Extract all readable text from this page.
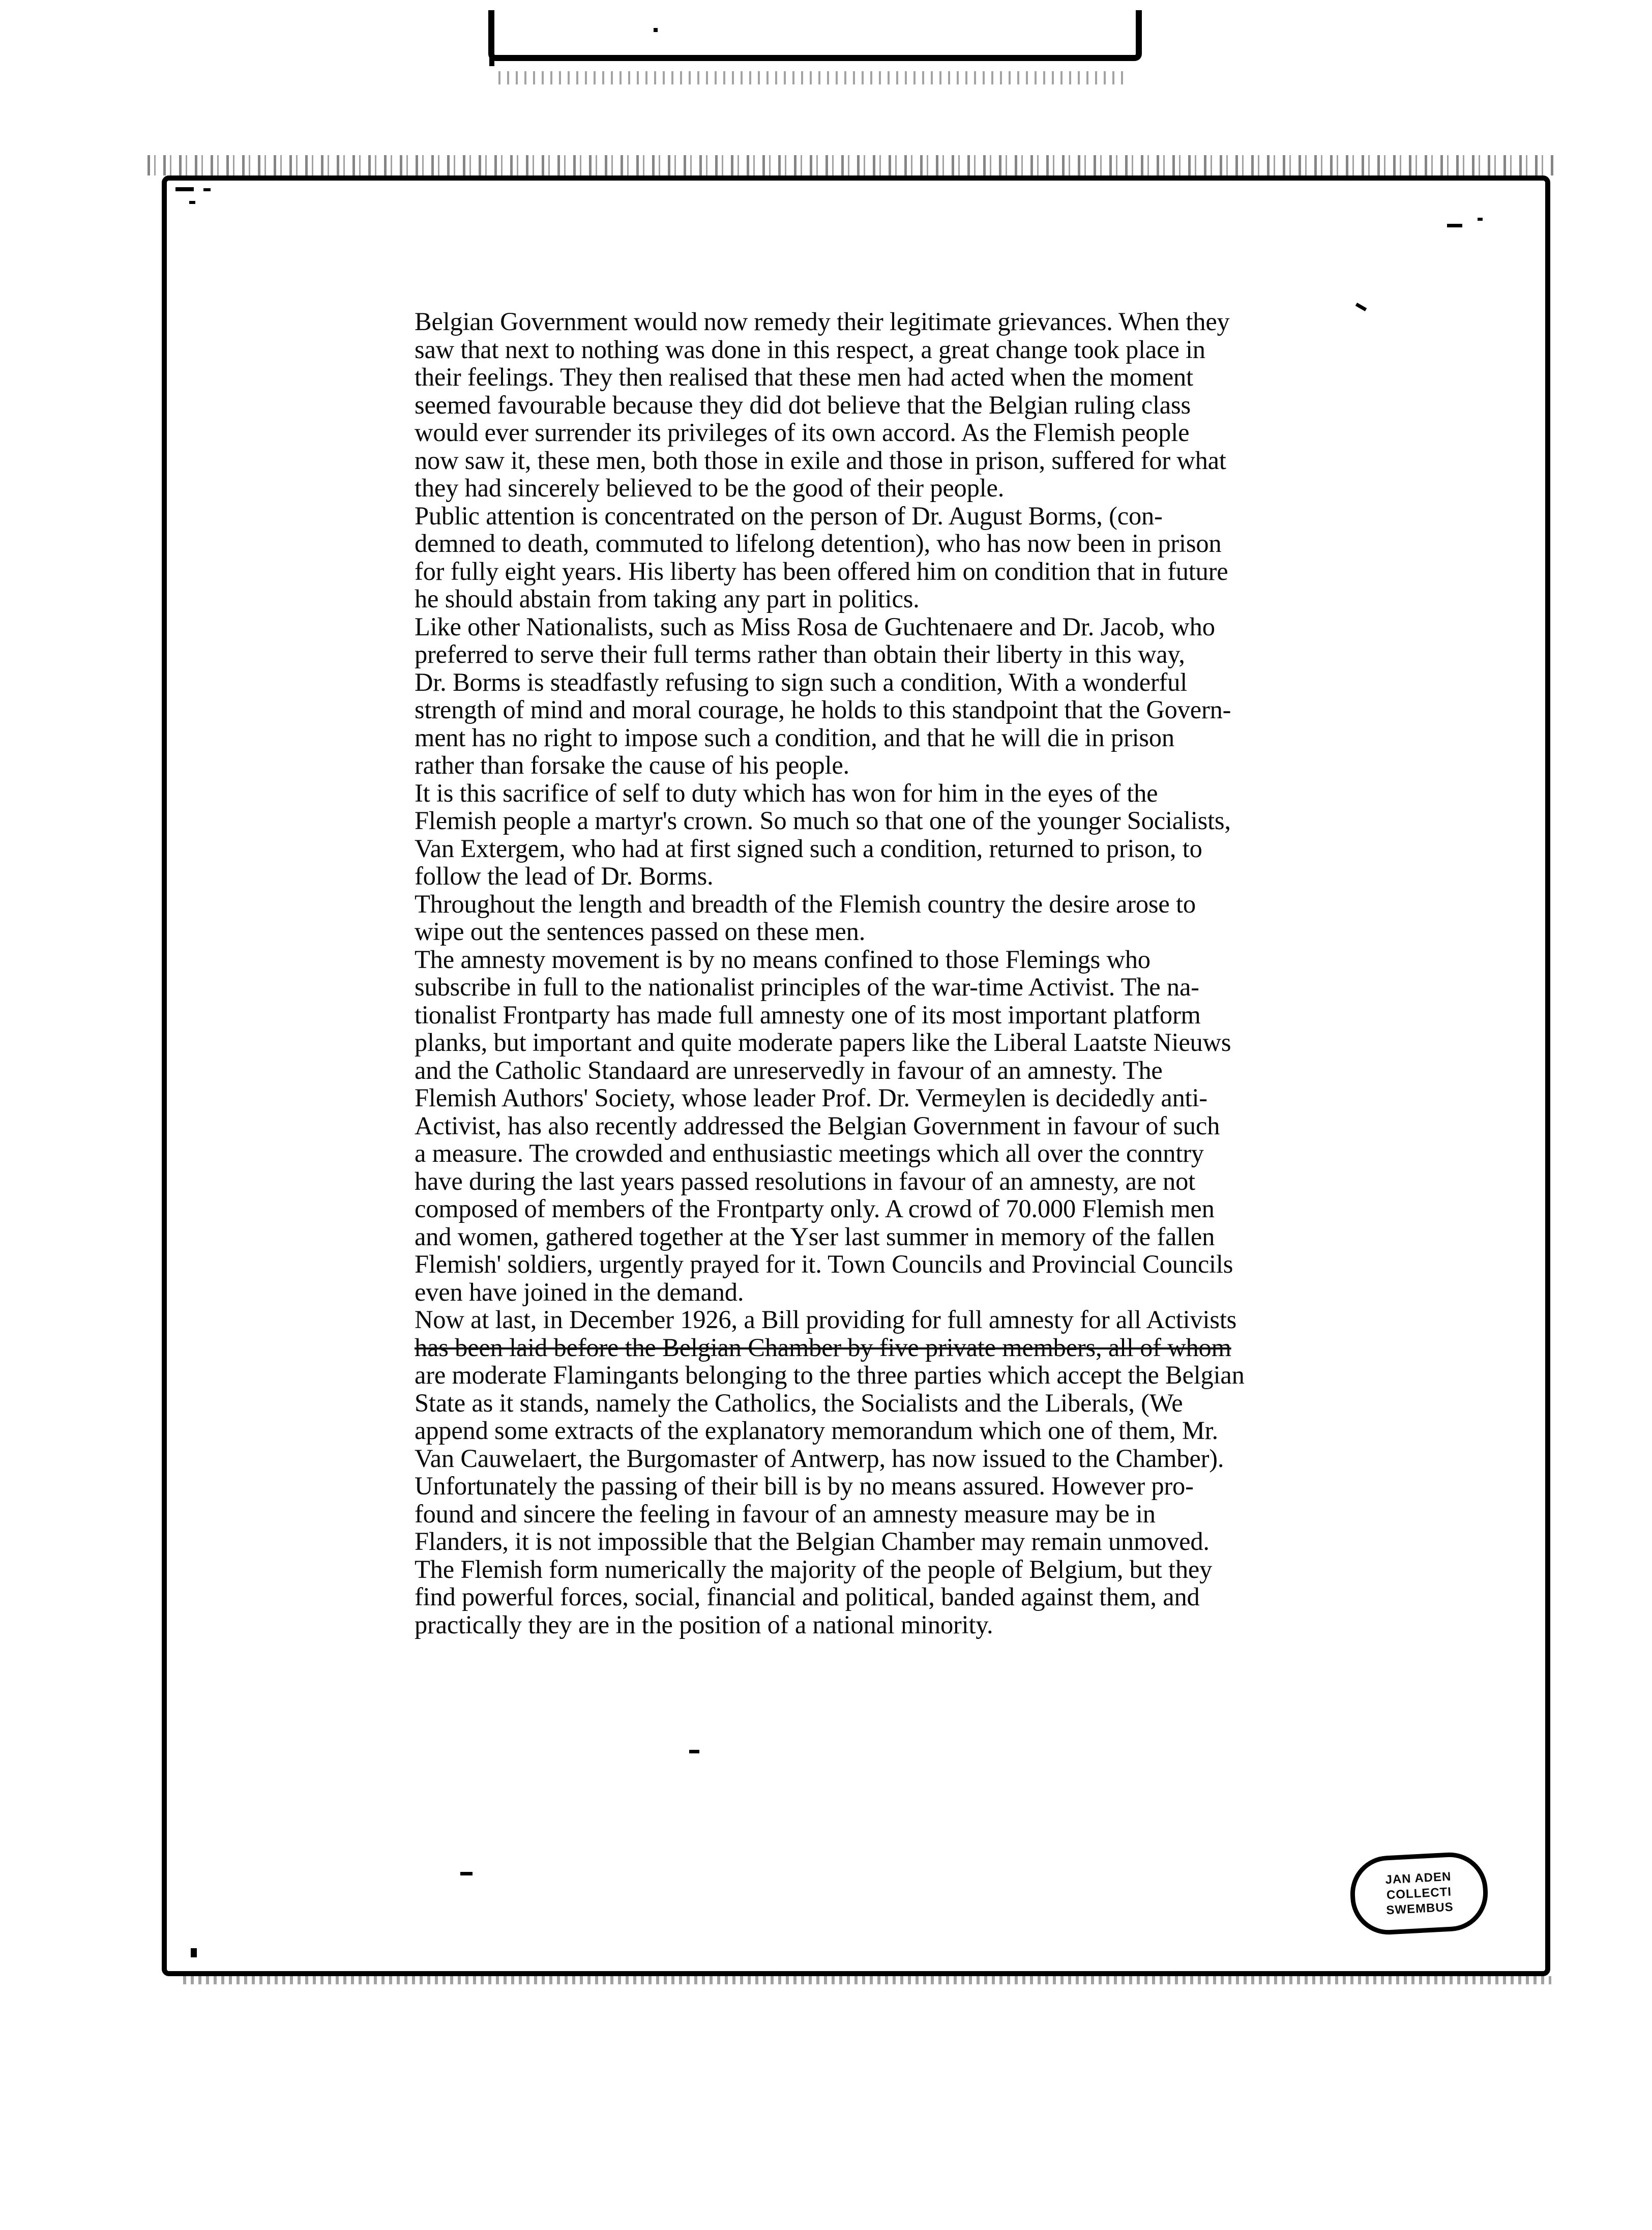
Belgian Government would now remedy their legitimate grievances. When they
saw that next to nothing was done in this respect, a great change took place in
their feelings. They then realised that these men had acted when the moment
seemed favourable because they did dot believe that the Belgian ruling class
would ever surrender its privileges of its own accord. As the Flemish people
now saw it, these men, both those in exile and those in prison, suffered for what
they had sincerely believed to be the good of their people.

Public attention is concentrated on the person of Dr. August Borms, (con-
demned to death, commuted to lifelong detention), who has now been in prison
for fully eight years. His liberty has been offered him on condition that in future
he should abstain from taking any part in politics.

Like other Nationalists, such as Miss Rosa de Guchtenaere and Dr. Jacob, who
preferred to serve their full terms rather than obtain their liberty in this way,
Dr. Borms is steadfastly refusing to sign such a condition, With a wonderful
strength of mind and moral courage, he holds to this standpoint that the Govern-
ment has no right to impose such a condition, and that he will die in prison
rather than forsake the cause of his people.

It is this sacrifice of self to duty which has won for him in the eyes of the
Flemish people a martyr's crown. So much so that one of the younger Socialists,
Van Extergem, who had at first signed such a condition, returned to prison, to
follow the lead of Dr. Borms.

Throughout the length and breadth of the Flemish country the desire arose to
wipe out the sentences passed on these men.

The amnesty movement is by no means confined to those Flemings who
subscribe in full to the nationalist principles of the war-time Activist. The na-
tionalist Frontparty has made full amnesty one of its most important platform
planks, but important and quite moderate papers like the Liberal Laatste Nieuws
and the Catholic Standaard are unreservedly in favour of an amnesty. The
Flemish Authors' Society, whose leader Prof. Dr. Vermeylen is decidedly anti-
Activist, has also recently addressed the Belgian Government in favour of such
a measure. The crowded and enthusiastic meetings which all over the conntry
have during the last years passed resolutions in favour of an amnesty, are not
composed of members of the Frontparty only. A crowd of 70.000 Flemish men
and women, gathered together at the Yser last summer in memory of the fallen
Flemish' soldiers, urgently prayed for it. Town Councils and Provincial Councils
even have joined in the demand.

Now at last, in December 1926, a Bill providing for full amnesty for all Activists
has been laid before the Belgian Chamber by five private members, all of whom
are moderate Flamingants belonging to the three parties which accept the Belgian
State as it stands, namely the Catholics, the Socialists and the Liberals, (We
append some extracts of the explanatory memorandum which one of them, Mr.
Van Cauwelaert, the Burgomaster of Antwerp, has now issued to the Chamber).
Unfortunately the passing of their bill is by no means assured. However pro-
found and sincere the feeling in favour of an amnesty measure may be in
Flanders, it is not impossible that the Belgian Chamber may remain unmoved.
The Flemish form numerically the majority of the people of Belgium, but they
find powerful forces, social, financial and political, banded against them, and
practically they are in the position of a national minority.

JAN ADEN
COLLECTI
SWEMBUS
